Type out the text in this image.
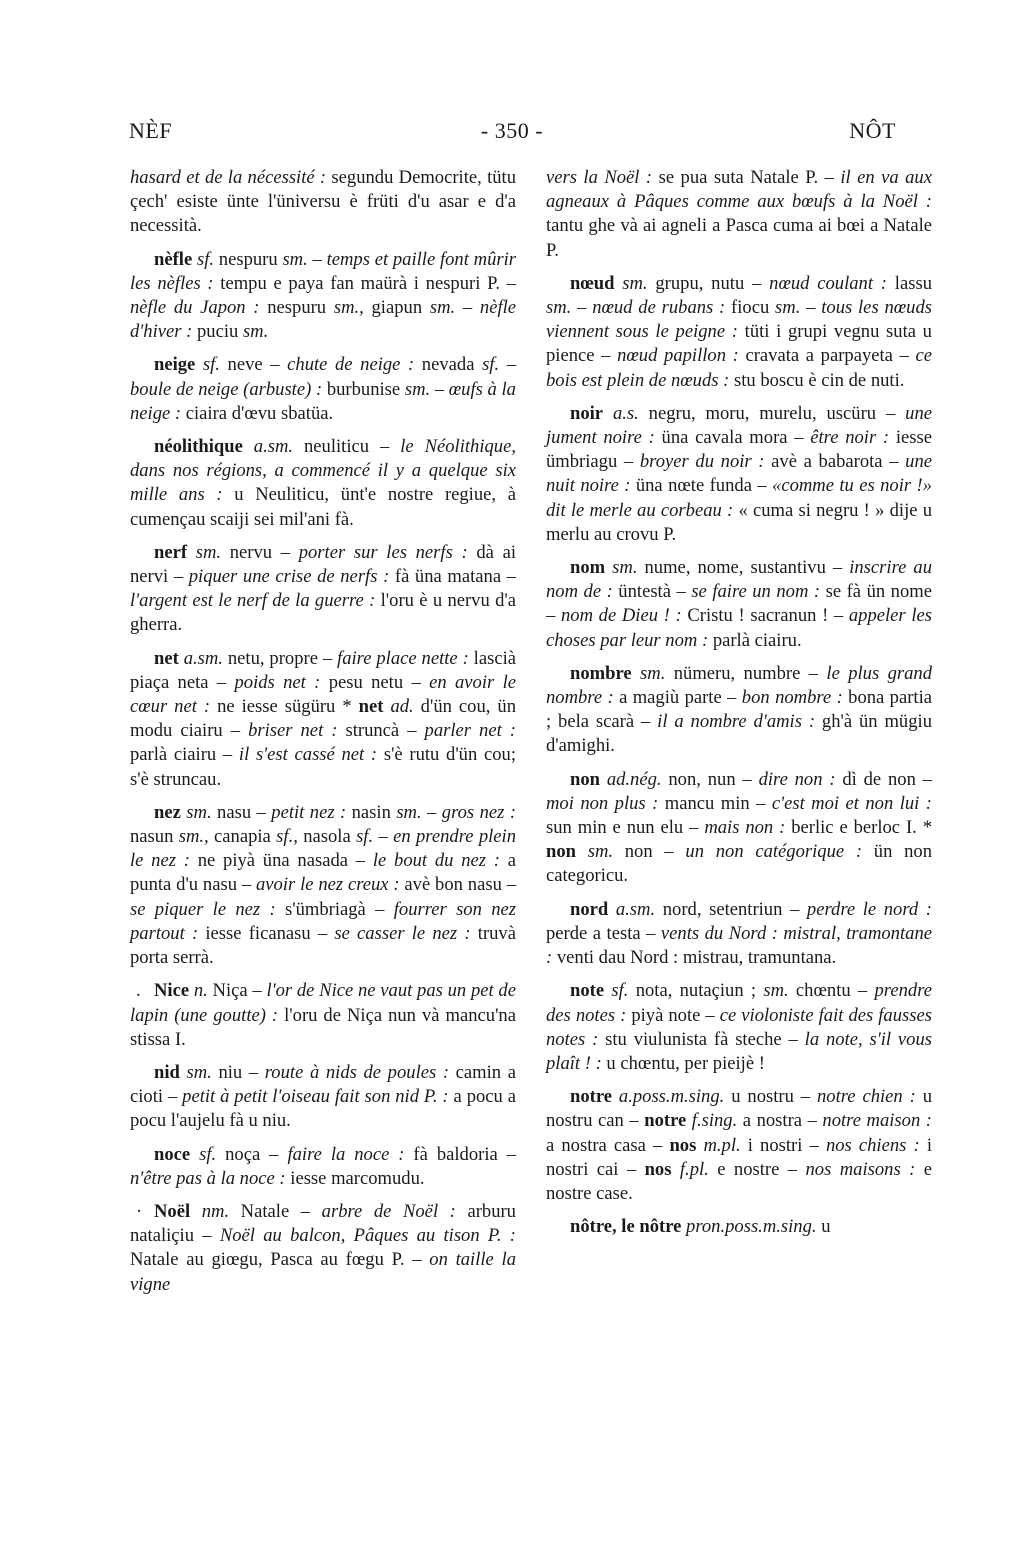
NÈF	- 350 -	NÔT

hasard et de la nécessité : segundu Democrite, tütu çech' esiste ünte l'üniversu è früti d'u asar e d'a necessità.

nèfle sf. nespuru sm. – temps et paille font mûrir les nèfles : tempu e paya fan maürà i nespuri P. – nèfle du Japon : nespuru sm., giapun sm. – nèfle d'hiver : puciu sm.

neige sf. neve – chute de neige : nevada sf. – boule de neige (arbuste) : burbunise sm. – œufs à la neige : ciaira d'œvu sbatüa.

néolithique a.sm. neuliticu – le Néolithique, dans nos régions, a commencé il y a quelque six mille ans : u Neuliticu, ünt'e nostre regiue, à cumençau scaiji sei mil'ani fà.

nerf sm. nervu – porter sur les nerfs : dà ai nervi – piquer une crise de nerfs : fà üna matana – l'argent est le nerf de la guerre : l'oru è u nervu d'a gherra.

net a.sm. netu, propre – faire place nette : lascià piaça neta – poids net : pesu netu – en avoir le cœur net : ne iesse sügüru * net ad. d'ün cou, ün modu ciairu – briser net : struncà – parler net : parlà ciairu – il s'est cassé net : s'è rutu d'ün cou; s'è struncau.

nez sm. nasu – petit nez : nasin sm. – gros nez : nasun sm., canapia sf., nasola sf. – en prendre plein le nez : ne piyà üna nasada – le bout du nez : a punta d'u nasu – avoir le nez creux : avè bon nasu – se piquer le nez : s'ümbriagà – fourrer son nez partout : iesse ficanasu – se casser le nez : truvà porta serrà.

. Nice n. Niça – l'or de Nice ne vaut pas un pet de lapin (une goutte) : l'oru de Niça nun và mancu'na stissa I.

nid sm. niu – route à nids de poules : camin a cioti – petit à petit l'oiseau fait son nid P. : a pocu a pocu l'aujelu fà u niu.

noce sf. noça – faire la noce : fà baldoria – n'être pas à la noce : iesse marcomudu.

· Noël nm. Natale – arbre de Noël : arburu nataliçiu – Noël au balcon, Pâques au tison P. : Natale au giœgu, Pasca au fœgu P. – on taille la vigne

vers la Noël : se pua suta Natale P. – il en va aux agneaux à Pâques comme aux bœufs à la Noël : tantu ghe và ai agneli a Pasca cuma ai bœi a Natale P.

nœud sm. grupu, nutu – nœud coulant : lassu sm. – nœud de rubans : fiocu sm. – tous les nœuds viennent sous le peigne : tüti i grupi vegnu suta u pience – nœud papillon : cravata a parpayeta – ce bois est plein de nœuds : stu boscu è cin de nuti.

noir a.s. negru, moru, murelu, uscüru – une jument noire : üna cavala mora – être noir : iesse ümbriagu – broyer du noir : avè a babarota – une nuit noire : üna nœte funda – «comme tu es noir !» dit le merle au corbeau : « cuma si negru ! » dije u merlu au crovu P.

nom sm. nume, nome, sustantivu – inscrire au nom de : üntestà – se faire un nom : se fà ün nome – nom de Dieu ! : Cristu ! sacranun ! – appeler les choses par leur nom : parlà ciairu.

nombre sm. nümeru, numbre – le plus grand nombre : a magiù parte – bon nombre : bona partia ; bela scarà – il a nombre d'amis : gh'à ün mügiu d'amighi.

non ad.nég. non, nun – dire non : dì de non – moi non plus : mancu min – c'est moi et non lui : sun min e nun elu – mais non : berlic e berloc I. * non sm. non – un non catégorique : ün non categoricu.

nord a.sm. nord, setentriun – perdre le nord : perde a testa – vents du Nord : mistral, tramontane : venti dau Nord : mistrau, tramuntana.

note sf. nota, nutaçiun ; sm. chœntu – prendre des notes : piyà note – ce violoniste fait des fausses notes : stu viulunista fà steche – la note, s'il vous plaît ! : u chœntu, per pieijè !

notre a.poss.m.sing. u nostru – notre chien : u nostru can – notre f.sing. a nostra – notre maison : a nostra casa – nos m.pl. i nostri – nos chiens : i nostri cai – nos f.pl. e nostre – nos maisons : e nostre case.

nôtre, le nôtre pron.poss.m.sing. u
